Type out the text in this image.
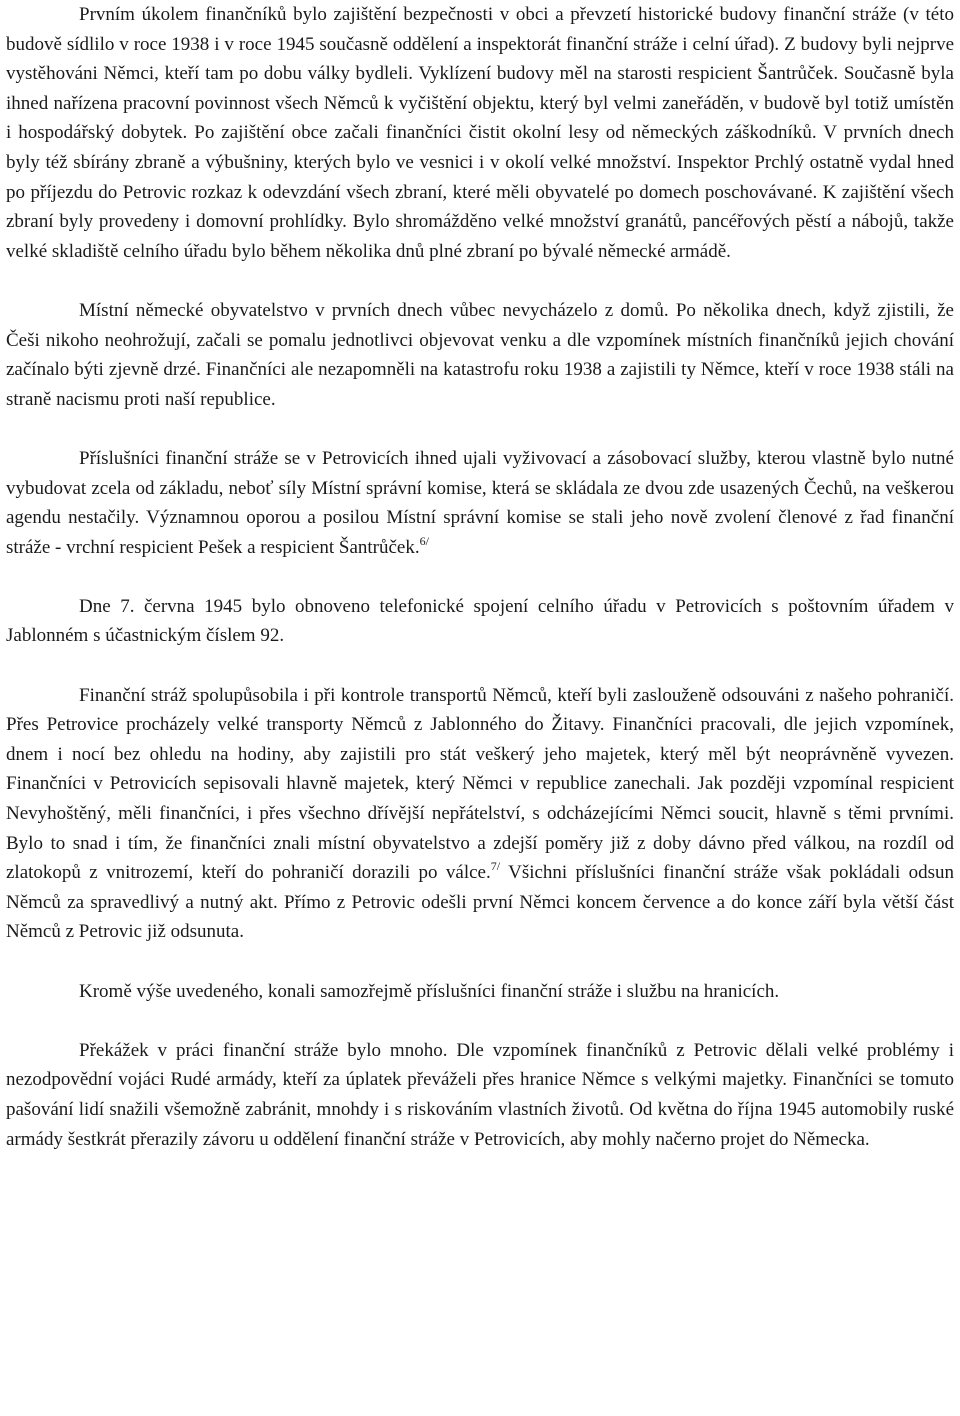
Prvním úkolem finančníků bylo zajištění bezpečnosti v obci a převzetí historické budovy finanční stráže (v této budově sídlilo v roce 1938 i v roce 1945 současně oddělení a inspektorát finanční stráže i celní úřad). Z budovy byli nejprve vystěhováni Němci, kteří tam po dobu války bydleli. Vyklízení budovy měl na starosti respicient Šantrůček. Současně byla ihned nařízena pracovní povinnost všech Němců k vyčištění objektu, který byl velmi zaneřáděn, v budově byl totiž umístěn i hospodářský dobytek. Po zajištění obce začali finančníci čistit okolní lesy od německých záškodníků. V prvních dnech byly též sbírány zbraně a výbušniny, kterých bylo ve vesnici i v okolí velké množství. Inspektor Prchlý ostatně vydal hned po příjezdu do Petrovic rozkaz k odevzdání všech zbraní, které měli obyvatelé po domech poschovávané. K zajištění všech zbraní byly provedeny i domovní prohlídky. Bylo shromážděno velké množství granátů, pancéřových pěstí a nábojů, takže velké skladiště celního úřadu bylo během několika dnů plné zbraní po bývalé německé armádě.

Místní německé obyvatelstvo v prvních dnech vůbec nevycházelo z domů. Po několika dnech, když zjistili, že Češi nikoho neohrožují, začali se pomalu jednotlivci objevovat venku a dle vzpomínek místních finančníků jejich chování začínalo býti zjevně drzé. Finančníci ale nezapomněli na katastrofu roku 1938 a zajistili ty Němce, kteří v roce 1938 stáli na straně nacismu proti naší republice.

Příslušníci finanční stráže se v Petrovicích ihned ujali vyživovací a zásobovací služby, kterou vlastně bylo nutné vybudovat zcela od základu, neboť síly Místní správní komise, která se skládala ze dvou zde usazených Čechů, na veškerou agendu nestačily. Významnou oporou a posilou Místní správní komise se stali jeho nově zvolení členové z řad finanční stráže - vrchní respicient Pešek a respicient Šantrůček.$^{6/}$

Dne 7. června 1945 bylo obnoveno telefonické spojení celního úřadu v Petrovicích s poštovním úřadem v Jablonném s účastnickým číslem 92.

Finanční stráž spolupůsobila i při kontrole transportů Němců, kteří byli zaslouženě odsouváni z našeho pohraničí. Přes Petrovice procházely velké transporty Němců z Jablonného do Žitavy. Finančníci pracovali, dle jejich vzpomínek, dnem i nocí bez ohledu na hodiny, aby zajistili pro stát veškerý jeho majetek, který měl být neoprávněně vyvezen. Finančníci v Petrovicích sepisovali hlavně majetek, který Němci v republice zanechali. Jak později vzpomínal respicient Nevyhoštěný, měli finančníci, i přes všechno dřívější nepřátelství, s odcházejícími Němci soucit, hlavně s těmi prvními. Bylo to snad i tím, že finančníci znali místní obyvatelstvo a zdejší poměry již z doby dávno před válkou, na rozdíl od zlatokopů z vnitrozemí, kteří do pohraničí dorazili po válce.$^{7/}$ Všichni příslušníci finanční stráže však pokládali odsun Němců za spravedlivý a nutný akt. Přímo z Petrovic odešli první Němci koncem července a do konce září byla větší část Němců z Petrovic již odsunuta.

Kromě výše uvedeného, konali samozřejmě příslušníci finanční stráže i službu na hranicích.

Překážek v práci finanční stráže bylo mnoho. Dle vzpomínek finančníků z Petrovic dělali velké problémy i nezodpovědní vojáci Rudé armády, kteří za úplatek převáželi přes hranice Němce s velkými majetky. Finančníci se tomuto pašování lidí snažili všemožně zabránit, mnohdy i s riskováním vlastních životů. Od května do října 1945 automobily ruské armády šestkrát přerazily závoru u oddělení finanční stráže v Petrovicích, aby mohly načerno projet do Německa.
